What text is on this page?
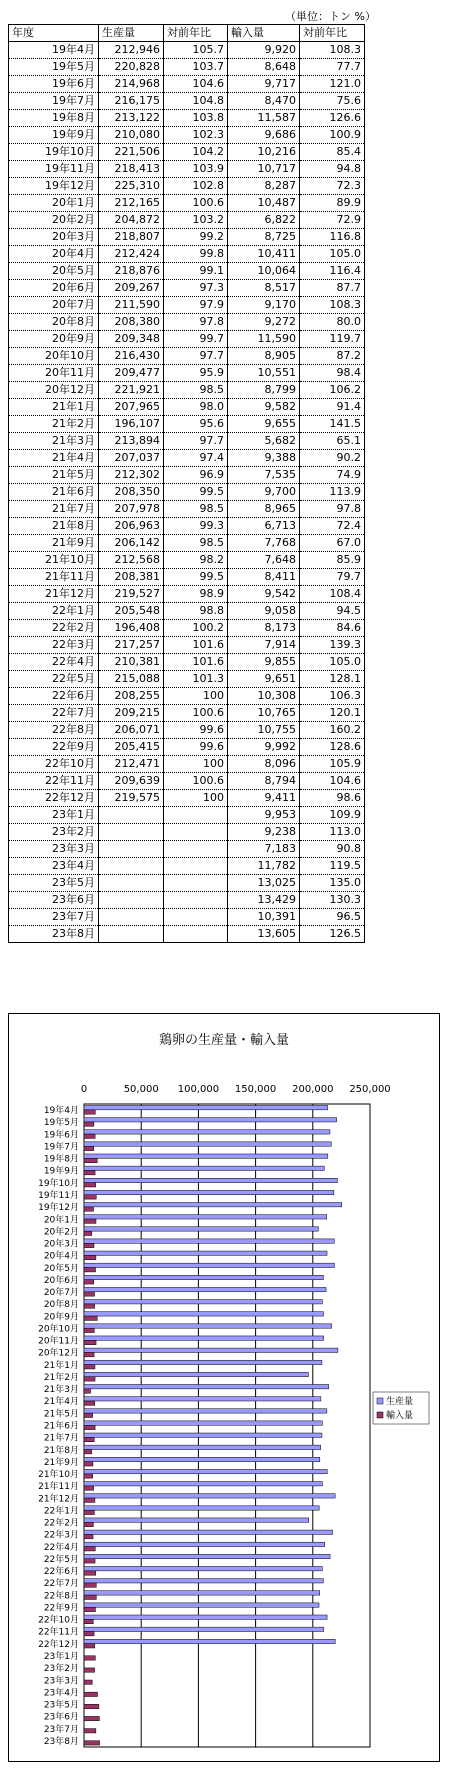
（単位：トン %）
年度	生産量	対前年比	輸入量	対前年比
19年4月	212,946	105.7	9,920	108.3
19年5月	220,828	103.7	8,648	77.7
19年6月	214,968	104.6	9,717	121.0
19年7月	216,175	104.8	8,470	75.6
19年8月	213,122	103.8	11,587	126.6
19年9月	210,080	102.3	9,686	100.9
19年10月	221,506	104.2	10,216	85.4
19年11月	218,413	103.9	10,717	94.8
19年12月	225,310	102.8	8,287	72.3
20年1月	212,165	100.6	10,487	89.9
20年2月	204,872	103.2	6,822	72.9
20年3月	218,807	99.2	8,725	116.8
20年4月	212,424	99.8	10,411	105.0
20年5月	218,876	99.1	10,064	116.4
20年6月	209,267	97.3	8,517	87.7
20年7月	211,590	97.9	9,170	108.3
20年8月	208,380	97.8	9,272	80.0
20年9月	209,348	99.7	11,590	119.7
20年10月	216,430	97.7	8,905	87.2
20年11月	209,477	95.9	10,551	98.4
20年12月	221,921	98.5	8,799	106.2
21年1月	207,965	98.0	9,582	91.4
21年2月	196,107	95.6	9,655	141.5
21年3月	213,894	97.7	5,682	65.1
21年4月	207,037	97.4	9,388	90.2
21年5月	212,302	96.9	7,535	74.9
21年6月	208,350	99.5	9,700	113.9
21年7月	207,978	98.5	8,965	97.8
21年8月	206,963	99.3	6,713	72.4
21年9月	206,142	98.5	7,768	67.0
21年10月	212,568	98.2	7,648	85.9
21年11月	208,381	99.5	8,411	79.7
21年12月	219,527	98.9	9,542	108.4
22年1月	205,548	98.8	9,058	94.5
22年2月	196,408	100.2	8,173	84.6
22年3月	217,257	101.6	7,914	139.3
22年4月	210,381	101.6	9,855	105.0
22年5月	215,088	101.3	9,651	128.1
22年6月	208,255	100	10,308	106.3
22年7月	209,215	100.6	10,765	120.1
22年8月	206,071	99.6	10,755	160.2
22年9月	205,415	99.6	9,992	128.6
22年10月	212,471	100	8,096	105.9
22年11月	209,639	100.6	8,794	104.6
22年12月	219,575	100	9,411	98.6
23年1月			9,953	109.9
23年2月			9,238	113.0
23年3月			7,183	90.8
23年4月			11,782	119.5
23年5月			13,025	135.0
23年6月			13,429	130.3
23年7月			10,391	96.5
23年8月			13,605	126.5
鶏卵の生産量・輸入量
0	50,000 100,000 150,000 200,000 250,000
19年4月
19年5月
19年6月
19年7月
19年8月
19年9月
19年10月
19年11月
19年12月
20年1月
20年2月
20年3月
20年4月
20年5月
20年6月
20年7月
20年8月
20年9月
20年10月
20年11月
20年12月
21年1月
21年2月
21年3月
21年4月
21年5月
21年6月
21年7月
21年8月
21年9月
21年10月
21年11月
21年12月
22年1月
22年2月
22年3月
22年4月
22年5月
22年6月
22年7月
22年8月
22年9月
22年10月
22年11月
22年12月
23年1月
23年2月
23年3月
23年4月
23年5月
23年6月
23年7月
23年8月
生産量
輸入量
